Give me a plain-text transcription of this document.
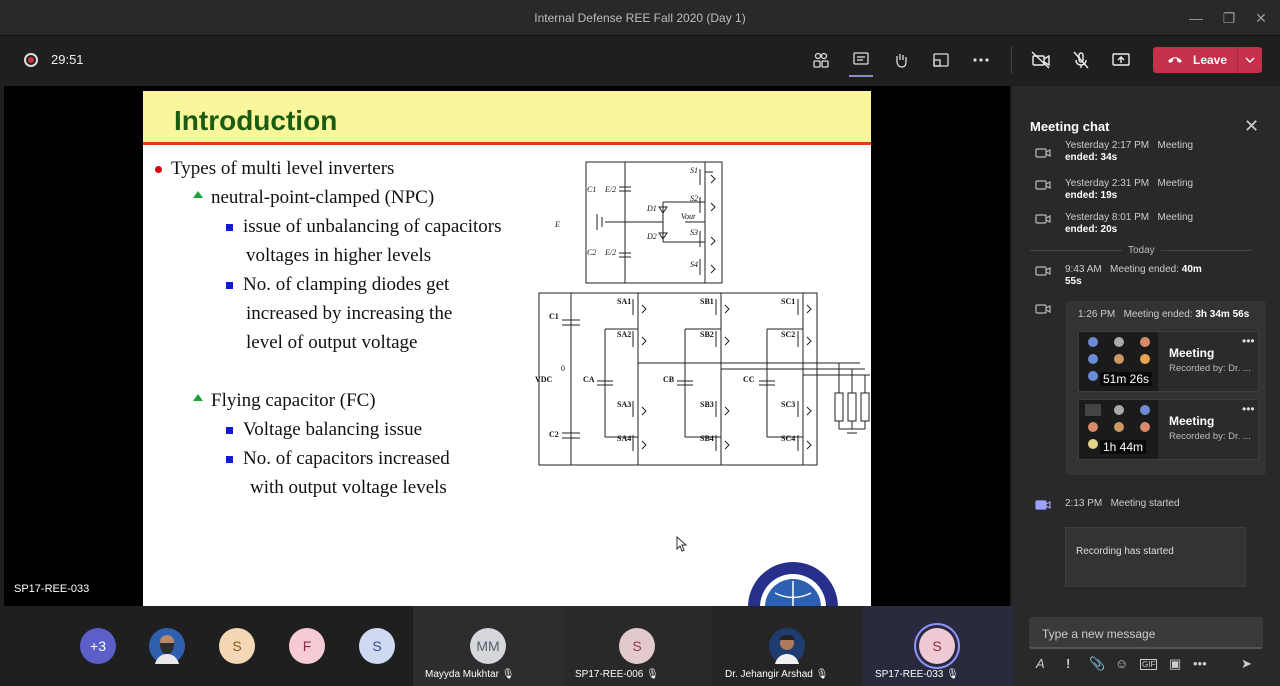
Internal Defense REE Fall 2020 (Day 1)	— ❐ ✕
29:51	Leave
Introduction
Types of multi level inverters
neutral-point-clamped (NPC)
issue of unbalancing of capacitors
voltages in higher levels
No. of clamping diodes get
increased by increasing the
level of output voltage
Flying capacitor (FC)
Voltage balancing issue
No. of capacitors increased
with output voltage levels
C1
E
E/2
E/2
C2
D1
D2
Vout
S1
S2
S3
S4
VDC
0
C1
C2
CA	CB	CC
SA1
SA2
SA3
SA4
SB1
SB2
SB3
SB4
SC1
SC2
SC3
SC4
SP17-REE-033
Meeting chat	✕
Yesterday 2:17 PM Meeting
ended: 34s
Yesterday 2:31 PM Meeting
ended: 19s
Yesterday 8:01 PM Meeting
ended: 20s
Today
9:43 AM Meeting ended: 40m
55s
2:13 PM Meeting started
1:26 PM Meeting ended: 3h 34m 56s
51m 26s
Meeting
Recorded by: Dr. ...
•••
1h 44m
Meeting
Recorded by: Dr. ...
•••
Recording has started
Type a new message
A ! 📎 ☺ GIF ▣ •••	➤
+3	S	F	S	MM
Mayyda Mukhtar 🎙
S
SP17-REE-006 🎙	Dr. Jehangir Arshad 🎙
S
SP17-REE-033 🎙
